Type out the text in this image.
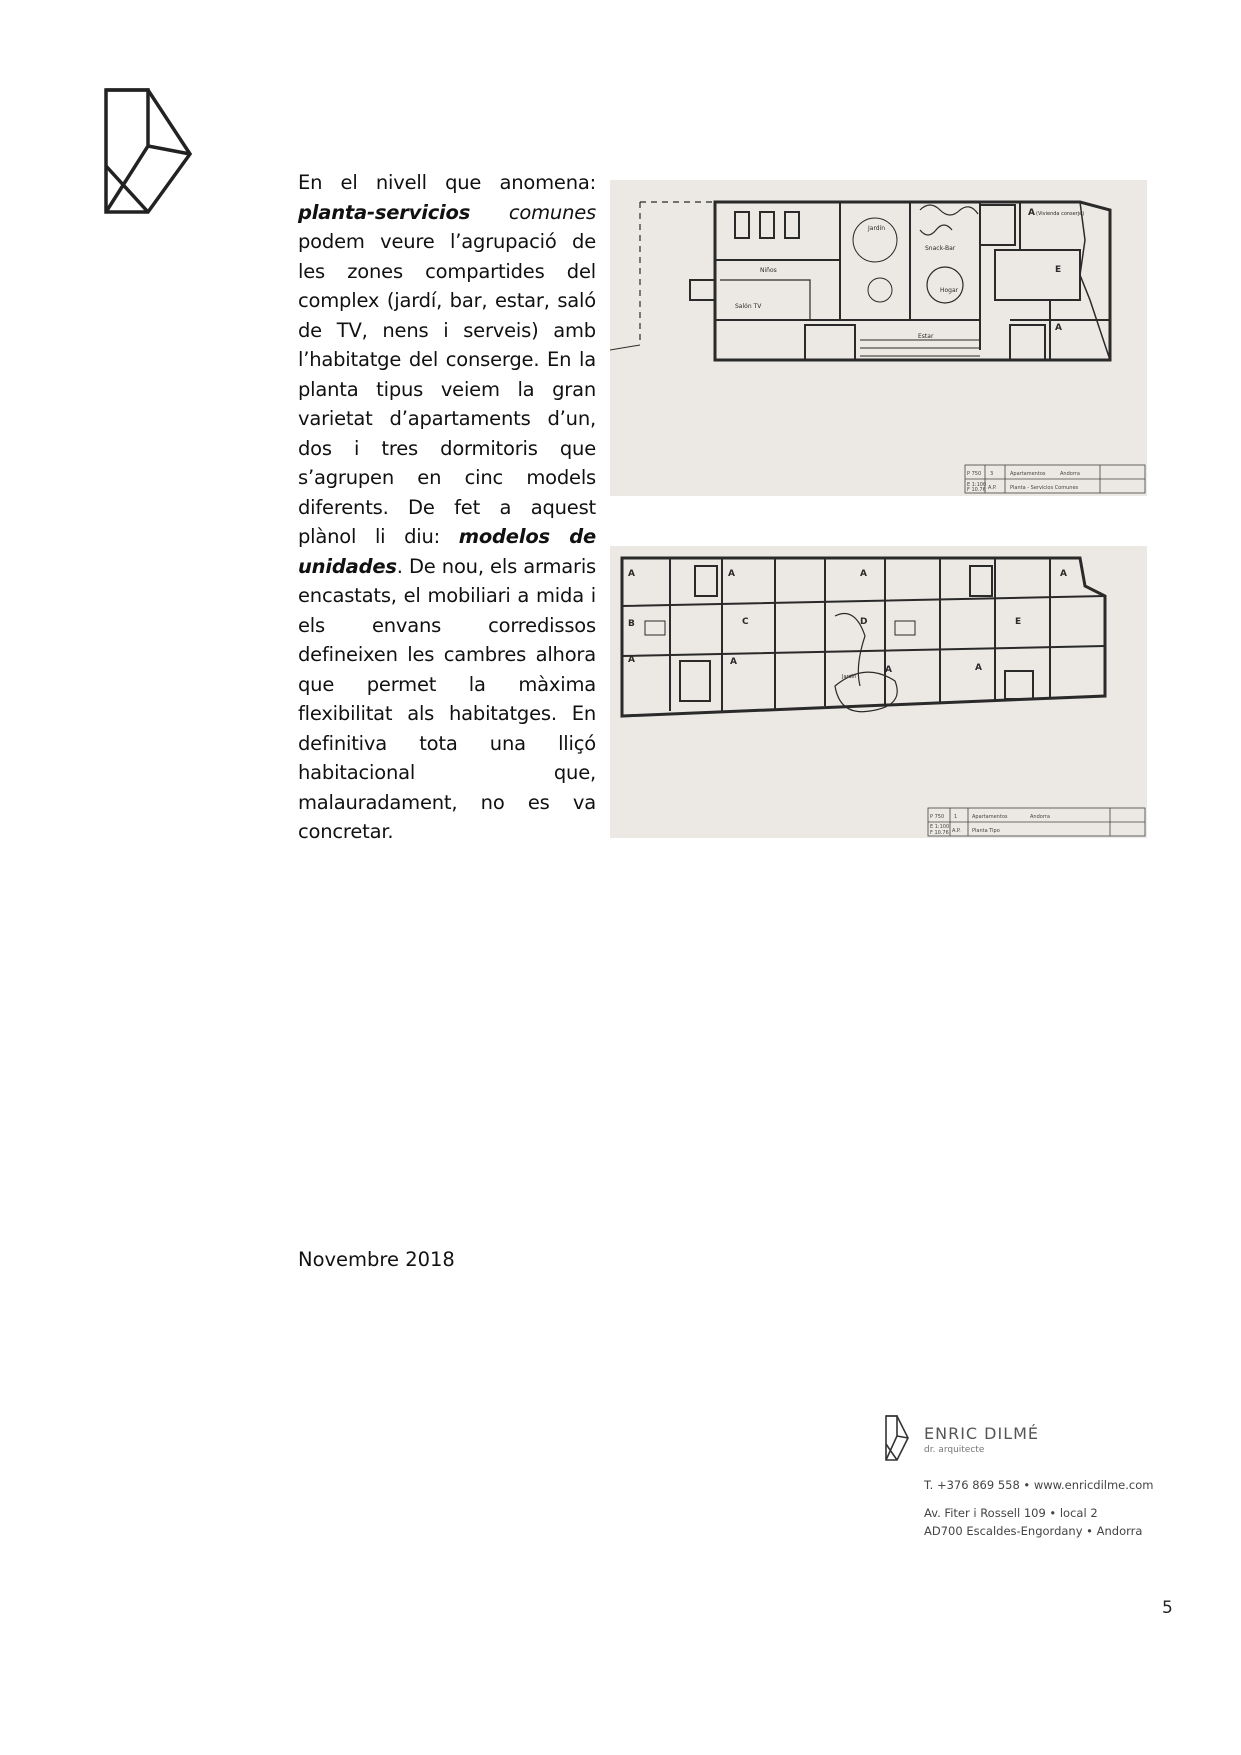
En el nivell que anomena: planta-servicios comunes podem veure l’agrupació de les zones compartides del complex (jardí, bar, estar, saló de TV, nens i serveis) amb l’habitatge del conserge. En la planta tipus veiem la gran varietat d’apartaments d’un, dos i tres dormitoris que s’agrupen en cinc models diferents. De fet a aquest plànol li diu: modelos de unidades. De nou, els armaris encastats, el mobiliari a mida i els envans corredissos defineixen les cambres alhora que permet la màxima flexibilitat als habitatges. En definitiva tota una lliçó habitacional que, malauradament, no es va concretar.
Niños
Jardín
Snack-Bar
Salón TV
Estar
Hogar
A
E
A
(Vivienda conserje)
P 750 3	Apartamentos	Andorra
E 1:100
F 10.76 A.P.	Planta - Servicios Comunes
A
B
A
A
C
A
A
D
A
E
A
A
Jardín
P 750 1	Apartamentos	Andorra
E 1:100
F 10.76 A.P. Planta Tipo
Novembre 2018
ENRIC DILMÉ
dr. arquitecte
T. +376 869 558 • www.enricdilme.com
Av. Fiter i Rossell 109 • local 2
AD700 Escaldes-Engordany • Andorra
5
